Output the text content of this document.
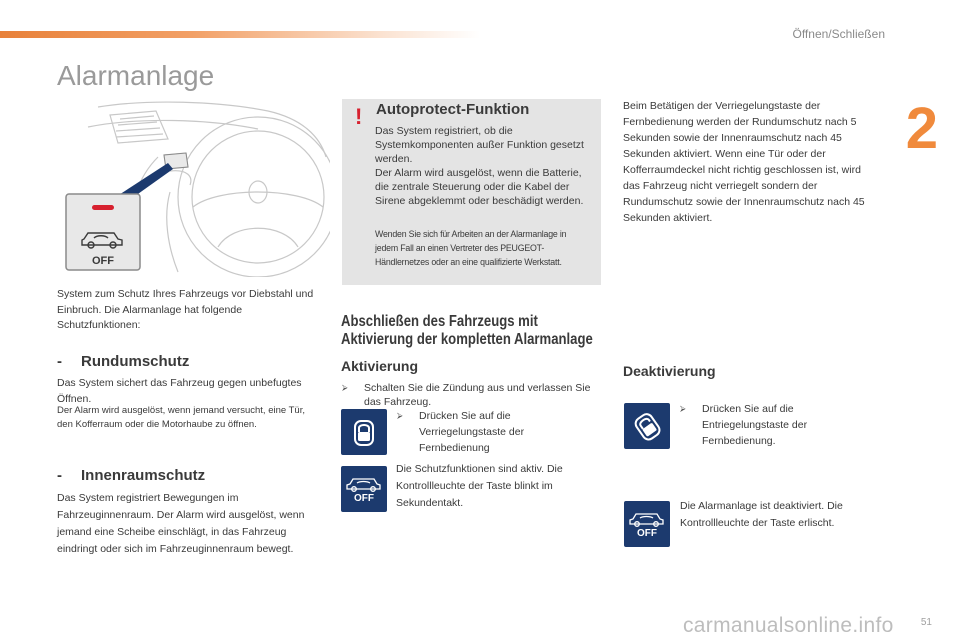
Öffnen/Schließen
2
Alarmanlage
OFF

System zum Schutz Ihres Fahrzeugs vor Diebstahl und Einbruch. Die Alarmanlage hat folgende Schutzfunktionen:

- Rundumschutz

Das System sichert das Fahrzeug gegen unbefugtes Öffnen.

Der Alarm wird ausgelöst, wenn jemand versucht, eine Tür, den Kofferraum oder die Motorhaube zu öffnen.

- Innenraumschutz

Das System registriert Bewegungen im Fahrzeuginnenraum. Der Alarm wird ausgelöst, wenn jemand eine Scheibe einschlägt, in das Fahrzeug eindringt oder sich im Fahrzeuginnenraum bewegt.

! Autoprotect-Funktion

Das System registriert, ob die Systemkomponenten außer Funktion gesetzt werden.

Der Alarm wird ausgelöst, wenn die Batterie, die zentrale Steuerung oder die Kabel der Sirene abgeklemmt oder beschädigt werden.

Wenden Sie sich für Arbeiten an der Alarmanlage in jedem Fall an einen Vertreter des PEUGEOT-Händlernetzes oder an eine qualifizierte Werkstatt.

Beim Betätigen der Verriegelungstaste der Fernbedienung werden der Rundumschutz nach 5 Sekunden sowie der Innenraumschutz nach 45 Sekunden aktiviert. Wenn eine Tür oder der Kofferraumdeckel nicht richtig geschlossen ist, wird das Fahrzeug nicht verriegelt sondern der Rundumschutz sowie der Innenraumschutz nach 45 Sekunden aktiviert.

Abschließen des Fahrzeugs mit
Aktivierung der kompletten Alarmanlage
Aktivierung
⮚	Schalten Sie die Zündung aus und verlassen Sie das Fahrzeug.
⮚	Drücken Sie auf die Verriegelungstaste der Fernbedienung
OFF

Die Schutzfunktionen sind aktiv. Die Kontrollleuchte der Taste blinkt im Sekundentakt.

Deaktivierung
⮚	Drücken Sie auf die Entriegelungstaste der Fernbedienung.
OFF

Die Alarmanlage ist deaktiviert. Die Kontrollleuchte der Taste erlischt.

51
carmanualsonline.info
